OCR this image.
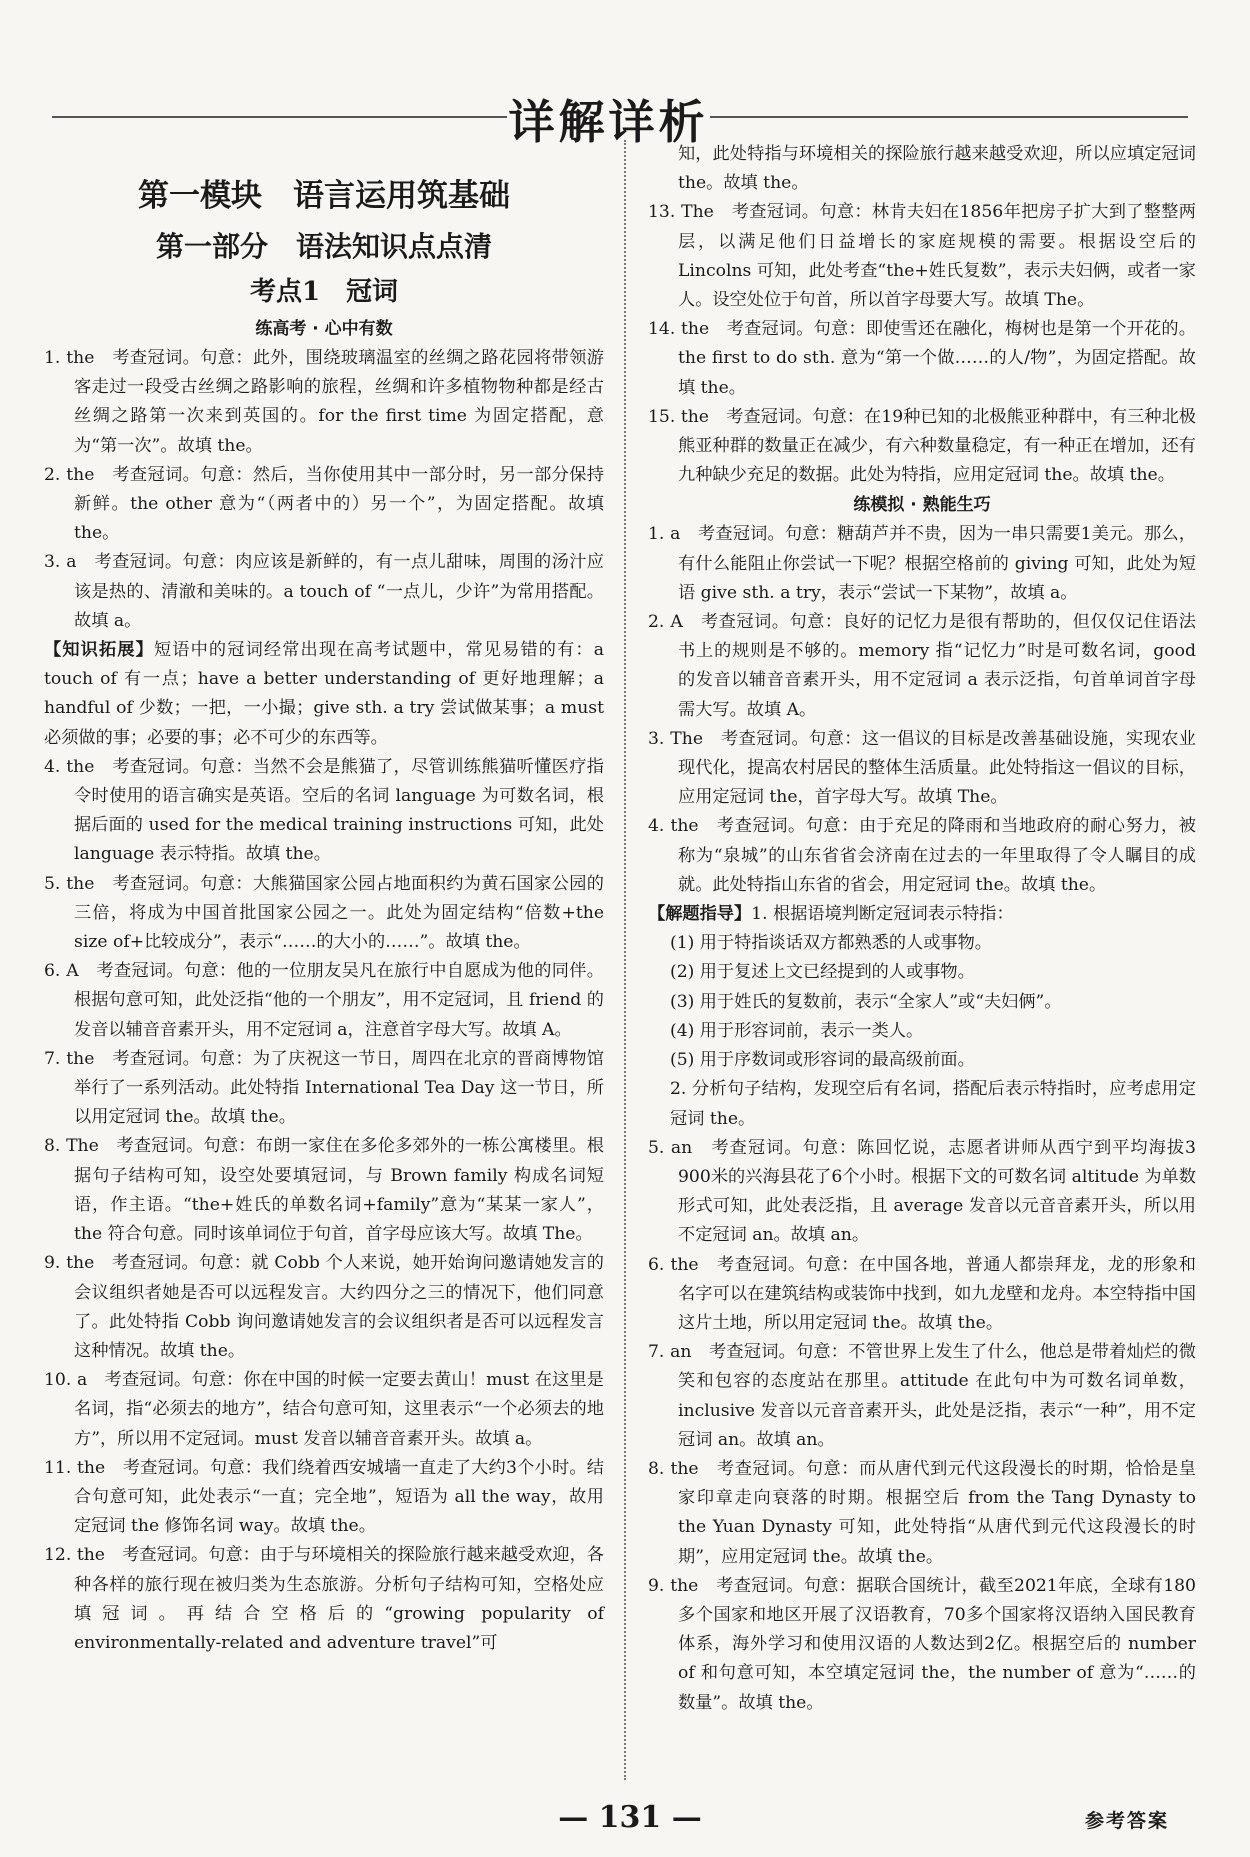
详解详析
第一模块　语言运用筑基础
第一部分　语法知识点点清
考点1　冠词
练高考 · 心中有数

1. the　考查冠词。句意：此外，围绕玻璃温室的丝绸之路花园将带领游客走过一段受古丝绸之路影响的旅程，丝绸和许多植物物种都是经古丝绸之路第一次来到英国的。for the first time 为固定搭配，意为“第一次”。故填 the。

2. the　考查冠词。句意：然后，当你使用其中一部分时，另一部分保持新鲜。the other 意为“（两者中的）另一个”，为固定搭配。故填 the。

3. a　考查冠词。句意：肉应该是新鲜的，有一点儿甜味，周围的汤汁应该是热的、清澈和美味的。a touch of “一点儿，少许”为常用搭配。故填 a。

【知识拓展】短语中的冠词经常出现在高考试题中，常见易错的有：a touch of 有一点；have a better understanding of 更好地理解；a handful of 少数；一把，一小撮；give sth. a try 尝试做某事；a must 必须做的事；必要的事；必不可少的东西等。

4. the　考查冠词。句意：当然不会是熊猫了，尽管训练熊猫听懂医疗指令时使用的语言确实是英语。空后的名词 language 为可数名词，根据后面的 used for the medical training instructions 可知，此处 language 表示特指。故填 the。

5. the　考查冠词。句意：大熊猫国家公园占地面积约为黄石国家公园的三倍，将成为中国首批国家公园之一。此处为固定结构“倍数+the size of+比较成分”，表示“……的大小的……”。故填 the。

6. A　考查冠词。句意：他的一位朋友吴凡在旅行中自愿成为他的同伴。根据句意可知，此处泛指“他的一个朋友”，用不定冠词，且 friend 的发音以辅音音素开头，用不定冠词 a，注意首字母大写。故填 A。

7. the　考查冠词。句意：为了庆祝这一节日，周四在北京的晋商博物馆举行了一系列活动。此处特指 International Tea Day 这一节日，所以用定冠词 the。故填 the。

8. The　考查冠词。句意：布朗一家住在多伦多郊外的一栋公寓楼里。根据句子结构可知，设空处要填冠词，与 Brown family 构成名词短语，作主语。“the+姓氏的单数名词+family”意为“某某一家人”，the 符合句意。同时该单词位于句首，首字母应该大写。故填 The。

9. the　考查冠词。句意：就 Cobb 个人来说，她开始询问邀请她发言的会议组织者她是否可以远程发言。大约四分之三的情况下，他们同意了。此处特指 Cobb 询问邀请她发言的会议组织者是否可以远程发言这种情况。故填 the。

10. a　考查冠词。句意：你在中国的时候一定要去黄山！must 在这里是名词，指“必须去的地方”，结合句意可知，这里表示“一个必须去的地方”，所以用不定冠词。must 发音以辅音音素开头。故填 a。

11. the　考查冠词。句意：我们绕着西安城墙一直走了大约3个小时。结合句意可知，此处表示“一直；完全地”，短语为 all the way，故用定冠词 the 修饰名词 way。故填 the。

12. the　考查冠词。句意：由于与环境相关的探险旅行越来越受欢迎，各种各样的旅行现在被归类为生态旅游。分析句子结构可知，空格处应填冠词。再结合空格后的“growing popularity of environmentally-related and adventure travel”可

知，此处特指与环境相关的探险旅行越来越受欢迎，所以应填定冠词 the。故填 the。

13. The　考查冠词。句意：林肯夫妇在1856年把房子扩大到了整整两层，以满足他们日益增长的家庭规模的需要。根据设空后的 Lincolns 可知，此处考查“the+姓氏复数”，表示夫妇俩，或者一家人。设空处位于句首，所以首字母要大写。故填 The。

14. the　考查冠词。句意：即使雪还在融化，梅树也是第一个开花的。the first to do sth. 意为“第一个做……的人/物”，为固定搭配。故填 the。

15. the　考查冠词。句意：在19种已知的北极熊亚种群中，有三种北极熊亚种群的数量正在减少，有六种数量稳定，有一种正在增加，还有九种缺少充足的数据。此处为特指，应用定冠词 the。故填 the。

练模拟 · 熟能生巧

1. a　考查冠词。句意：糖葫芦并不贵，因为一串只需要1美元。那么，有什么能阻止你尝试一下呢？根据空格前的 giving 可知，此处为短语 give sth. a try，表示“尝试一下某物”，故填 a。

2. A　考查冠词。句意：良好的记忆力是很有帮助的，但仅仅记住语法书上的规则是不够的。memory 指“记忆力”时是可数名词，good 的发音以辅音音素开头，用不定冠词 a 表示泛指，句首单词首字母需大写。故填 A。

3. The　考查冠词。句意：这一倡议的目标是改善基础设施，实现农业现代化，提高农村居民的整体生活质量。此处特指这一倡议的目标，应用定冠词 the，首字母大写。故填 The。

4. the　考查冠词。句意：由于充足的降雨和当地政府的耐心努力，被称为“泉城”的山东省省会济南在过去的一年里取得了令人瞩目的成就。此处特指山东省的省会，用定冠词 the。故填 the。

【解题指导】1. 根据语境判断定冠词表示特指：

(1) 用于特指谈话双方都熟悉的人或事物。
(2) 用于复述上文已经提到的人或事物。
(3) 用于姓氏的复数前，表示“全家人”或“夫妇俩”。
(4) 用于形容词前，表示一类人。
(5) 用于序数词或形容词的最高级前面。

2. 分析句子结构，发现空后有名词，搭配后表示特指时，应考虑用定冠词 the。

5. an　考查冠词。句意：陈回忆说，志愿者讲师从西宁到平均海拔3 900米的兴海县花了6个小时。根据下文的可数名词 altitude 为单数形式可知，此处表泛指，且 average 发音以元音音素开头，所以用不定冠词 an。故填 an。

6. the　考查冠词。句意：在中国各地，普通人都崇拜龙，龙的形象和名字可以在建筑结构或装饰中找到，如九龙壁和龙舟。本空特指中国这片土地，所以用定冠词 the。故填 the。

7. an　考查冠词。句意：不管世界上发生了什么，他总是带着灿烂的微笑和包容的态度站在那里。attitude 在此句中为可数名词单数，inclusive 发音以元音音素开头，此处是泛指，表示“一种”，用不定冠词 an。故填 an。

8. the　考查冠词。句意：而从唐代到元代这段漫长的时期，恰恰是皇家印章走向衰落的时期。根据空后 from the Tang Dynasty to the Yuan Dynasty 可知，此处特指“从唐代到元代这段漫长的时期”，应用定冠词 the。故填 the。

9. the　考查冠词。句意：据联合国统计，截至2021年底，全球有180多个国家和地区开展了汉语教育，70多个国家将汉语纳入国民教育体系，海外学习和使用汉语的人数达到2亿。根据空后的 number of 和句意可知，本空填定冠词 the，the number of 意为“……的数量”。故填 the。

— 131 —	参考答案
